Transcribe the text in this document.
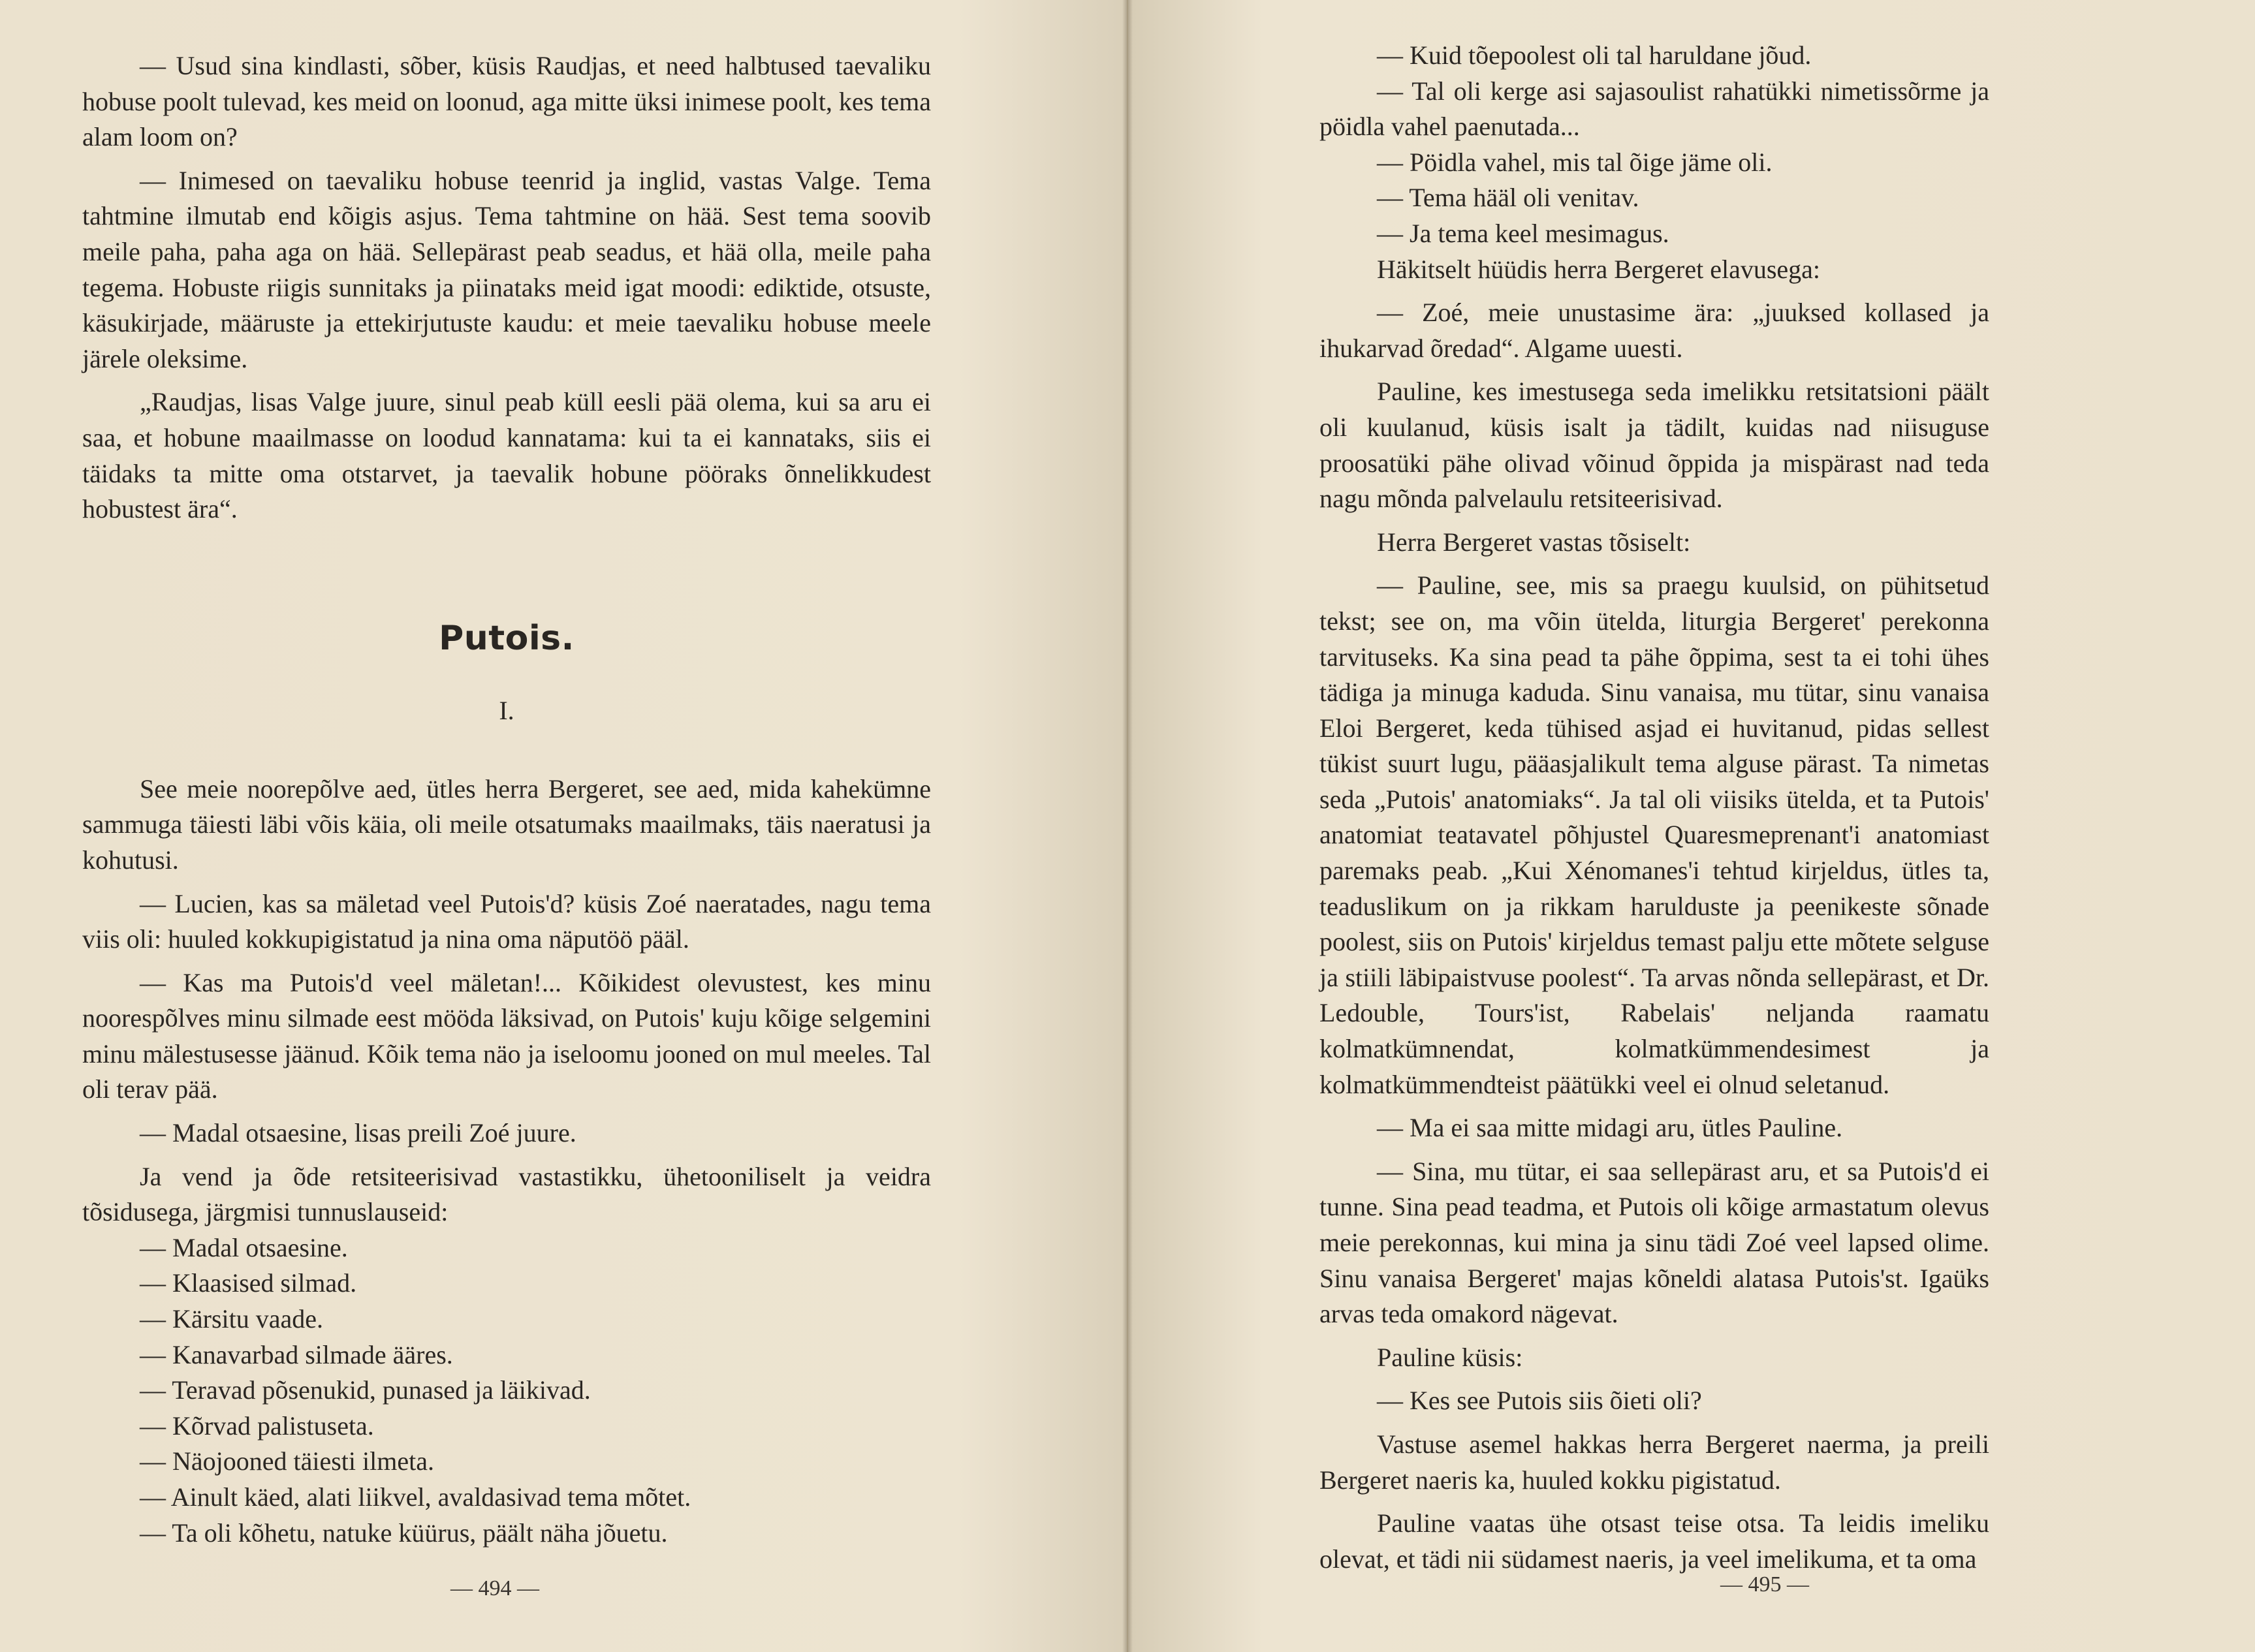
— Usud sina kindlasti, sõber, küsis Raudjas, et need halbtused taevaliku hobuse poolt tulevad, kes meid on loonud, aga mitte üksi inimese poolt, kes tema alam loom on?

— Inimesed on taevaliku hobuse teenrid ja inglid, vastas Valge. Tema tahtmine ilmutab end kõigis asjus. Tema tahtmine on hää. Sest tema soovib meile paha, paha aga on hää. Sellepärast peab seadus, et hää olla, meile paha tegema. Hobuste riigis sunnitaks ja piinataks meid igat moodi: ediktide, otsuste, käsukirjade, määruste ja ettekirjutuste kaudu: et meie taevaliku hobuse meele järele oleksime.

„Raudjas, lisas Valge juure, sinul peab küll eesli pää olema, kui sa aru ei saa, et hobune maailmasse on loodud kannatama: kui ta ei kannataks, siis ei täidaks ta mitte oma otstarvet, ja taevalik hobune pööraks õnnelikkudest hobustest ära“.

Putois.
I.

See meie noorepõlve aed, ütles herra Bergeret, see aed, mida kahekümne sammuga täiesti läbi võis käia, oli meile otsatumaks maailmaks, täis naeratusi ja kohutusi.

— Lucien, kas sa mäletad veel Putois'd? küsis Zoé naeratades, nagu tema viis oli: huuled kokkupigistatud ja nina oma näputöö pääl.

— Kas ma Putois'd veel mäletan!... Kõikidest olevustest, kes minu noorespõlves minu silmade eest mööda läksivad, on Putois' kuju kõige selgemini minu mälestusesse jäänud. Kõik tema näo ja iseloomu jooned on mul meeles. Tal oli terav pää.

— Madal otsaesine, lisas preili Zoé juure.

Ja vend ja õde retsiteerisivad vastastikku, ühetooniliselt ja veidra tõsidusega, järgmisi tunnuslauseid:

— Madal otsaesine.

— Klaasised silmad.

— Kärsitu vaade.

— Kanavarbad silmade ääres.

— Teravad põsenukid, punased ja läikivad.

— Kõrvad palistuseta.

— Näojooned täiesti ilmeta.

— Ainult käed, alati liikvel, avaldasivad tema mõtet.

— Ta oli kõhetu, natuke küürus, päält näha jõuetu.

— 494 —

— Kuid tõepoolest oli tal haruldane jõud.

— Tal oli kerge asi sajasoulist rahatükki nimetissõrme ja pöidla vahel paenutada...

— Pöidla vahel, mis tal õige jäme oli.

— Tema hääl oli venitav.

— Ja tema keel mesimagus.

Häkitselt hüüdis herra Bergeret elavusega:

— Zoé, meie unustasime ära: „juuksed kollased ja ihukarvad õredad“. Algame uuesti.

Pauline, kes imestusega seda imelikku retsitatsioni päält oli kuulanud, küsis isalt ja tädilt, kuidas nad niisuguse proosatüki pähe olivad võinud õppida ja mispärast nad teda nagu mõnda palvelaulu retsiteerisivad.

Herra Bergeret vastas tõsiselt:

— Pauline, see, mis sa praegu kuulsid, on pühitsetud tekst; see on, ma võin ütelda, liturgia Bergeret' perekonna tarvituseks. Ka sina pead ta pähe õppima, sest ta ei tohi ühes tädiga ja minuga kaduda. Sinu vanaisa, mu tütar, sinu vanaisa Eloi Bergeret, keda tühised asjad ei huvitanud, pidas sellest tükist suurt lugu, pääasjalikult tema alguse pärast. Ta nimetas seda „Putois' anatomiaks“. Ja tal oli viisiks ütelda, et ta Putois' anatomiat teatavatel põhjustel Quaresmeprenant'i anatomiast paremaks peab. „Kui Xénomanes'i tehtud kirjeldus, ütles ta, teaduslikum on ja rikkam harulduste ja peenikeste sõnade poolest, siis on Putois' kirjeldus temast palju ette mõtete selguse ja stiili läbipaistvuse poolest“. Ta arvas nõnda sellepärast, et Dr. Ledouble, Tours'ist, Rabelais' neljanda raamatu kolmatkümnendat, kolmatkümmendesimest ja kolmatkümmendteist päätükki veel ei olnud seletanud.

— Ma ei saa mitte midagi aru, ütles Pauline.

— Sina, mu tütar, ei saa sellepärast aru, et sa Putois'd ei tunne. Sina pead teadma, et Putois oli kõige armastatum olevus meie perekonnas, kui mina ja sinu tädi Zoé veel lapsed olime. Sinu vanaisa Bergeret' majas kõneldi alatasa Putois'st. Igaüks arvas teda omakord nägevat.

Pauline küsis:

— Kes see Putois siis õieti oli?

Vastuse asemel hakkas herra Bergeret naerma, ja preili Bergeret naeris ka, huuled kokku pigistatud.

Pauline vaatas ühe otsast teise otsa. Ta leidis imeliku olevat, et tädi nii südamest naeris, ja veel imelikuma, et ta oma

— 495 —
